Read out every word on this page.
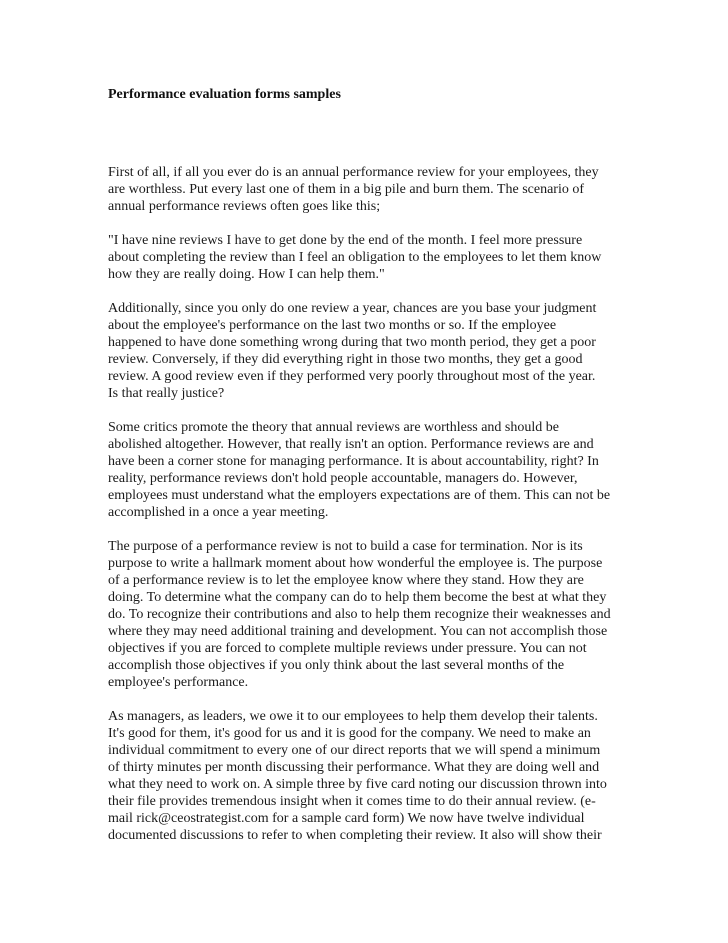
Performance evaluation forms samples

First of all, if all you ever do is an annual performance review for your employees, they
are worthless. Put every last one of them in a big pile and burn them. The scenario of
annual performance reviews often goes like this;

"I have nine reviews I have to get done by the end of the month. I feel more pressure
about completing the review than I feel an obligation to the employees to let them know
how they are really doing. How I can help them."

Additionally, since you only do one review a year, chances are you base your judgment
about the employee's performance on the last two months or so. If the employee
happened to have done something wrong during that two month period, they get a poor
review. Conversely, if they did everything right in those two months, they get a good
review. A good review even if they performed very poorly throughout most of the year.
Is that really justice?

Some critics promote the theory that annual reviews are worthless and should be
abolished altogether. However, that really isn't an option. Performance reviews are and
have been a corner stone for managing performance. It is about accountability, right? In
reality, performance reviews don't hold people accountable, managers do. However,
employees must understand what the employers expectations are of them. This can not be
accomplished in a once a year meeting.

The purpose of a performance review is not to build a case for termination. Nor is its
purpose to write a hallmark moment about how wonderful the employee is. The purpose
of a performance review is to let the employee know where they stand. How they are
doing. To determine what the company can do to help them become the best at what they
do. To recognize their contributions and also to help them recognize their weaknesses and
where they may need additional training and development. You can not accomplish those
objectives if you are forced to complete multiple reviews under pressure. You can not
accomplish those objectives if you only think about the last several months of the
employee's performance.

As managers, as leaders, we owe it to our employees to help them develop their talents.
It's good for them, it's good for us and it is good for the company. We need to make an
individual commitment to every one of our direct reports that we will spend a minimum
of thirty minutes per month discussing their performance. What they are doing well and
what they need to work on. A simple three by five card noting our discussion thrown into
their file provides tremendous insight when it comes time to do their annual review. (e-
mail rick@ceostrategist.com for a sample card form) We now have twelve individual
documented discussions to refer to when completing their review. It also will show their
